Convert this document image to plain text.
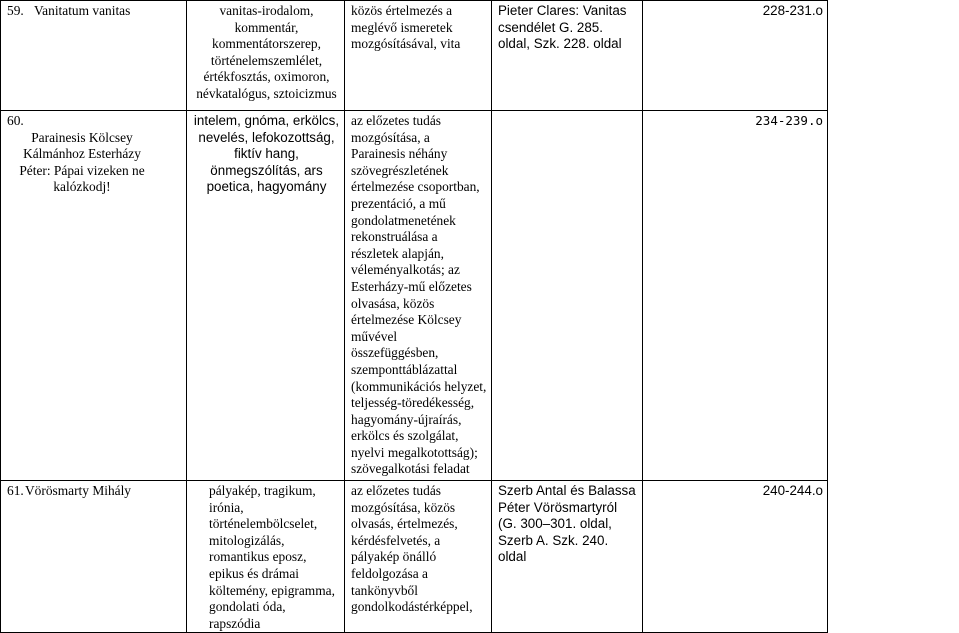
59. Vanitatum vanitas	vanitas-irodalom, kommentár, kommentátorszerep, történelemszemlélet, értékfosztás, oximoron, névkatalógus, sztoicizmus	közös értelmezés a meglévő ismeretek mozgósításával, vita	Pieter Clares: Vanitas csendélet G. 285. oldal, Szk. 228. oldal	228-231.o
60.Parainesis Kölcsey Kálmánhoz Esterházy Péter: Pápai vizeken ne kalózkodj!	intelem, gnóma, erkölcs, nevelés, lefokozottság, fiktív hang, önmegszólítás, ars poetica, hagyomány	az előzetes tudás mozgósítása, a Parainesis néhány szövegrészletének értelmezése csoportban, prezentáció, a mű gondolatmenetének rekonstruálása a részletek alapján, véleményalkotás; az Esterházy-mű előzetes olvasása, közös értelmezése Kölcsey művével összefüggésben, szemponttáblázattal (kommunikációs helyzet, teljesség-töredékesség, hagyomány-újraírás, erkölcs és szolgálat, nyelvi megalkotottság); szövegalkotási feladat		234-239.o
61.Vörösmarty Mihály	pályakép, tragikum, irónia, történelembölcselet, mitologizálás, romantikus eposz, epikus és drámai költemény, epigramma, gondolati óda, rapszódia	az előzetes tudás mozgósítása, közös olvasás, értelmezés, kérdésfelvetés, a pályakép önálló feldolgozása a tankönyvből gondolkodástérképpel,	Szerb Antal és Balassa Péter Vörösmartyról (G. 300–301. oldal, Szerb A. Szk. 240. oldal	240-244.o
